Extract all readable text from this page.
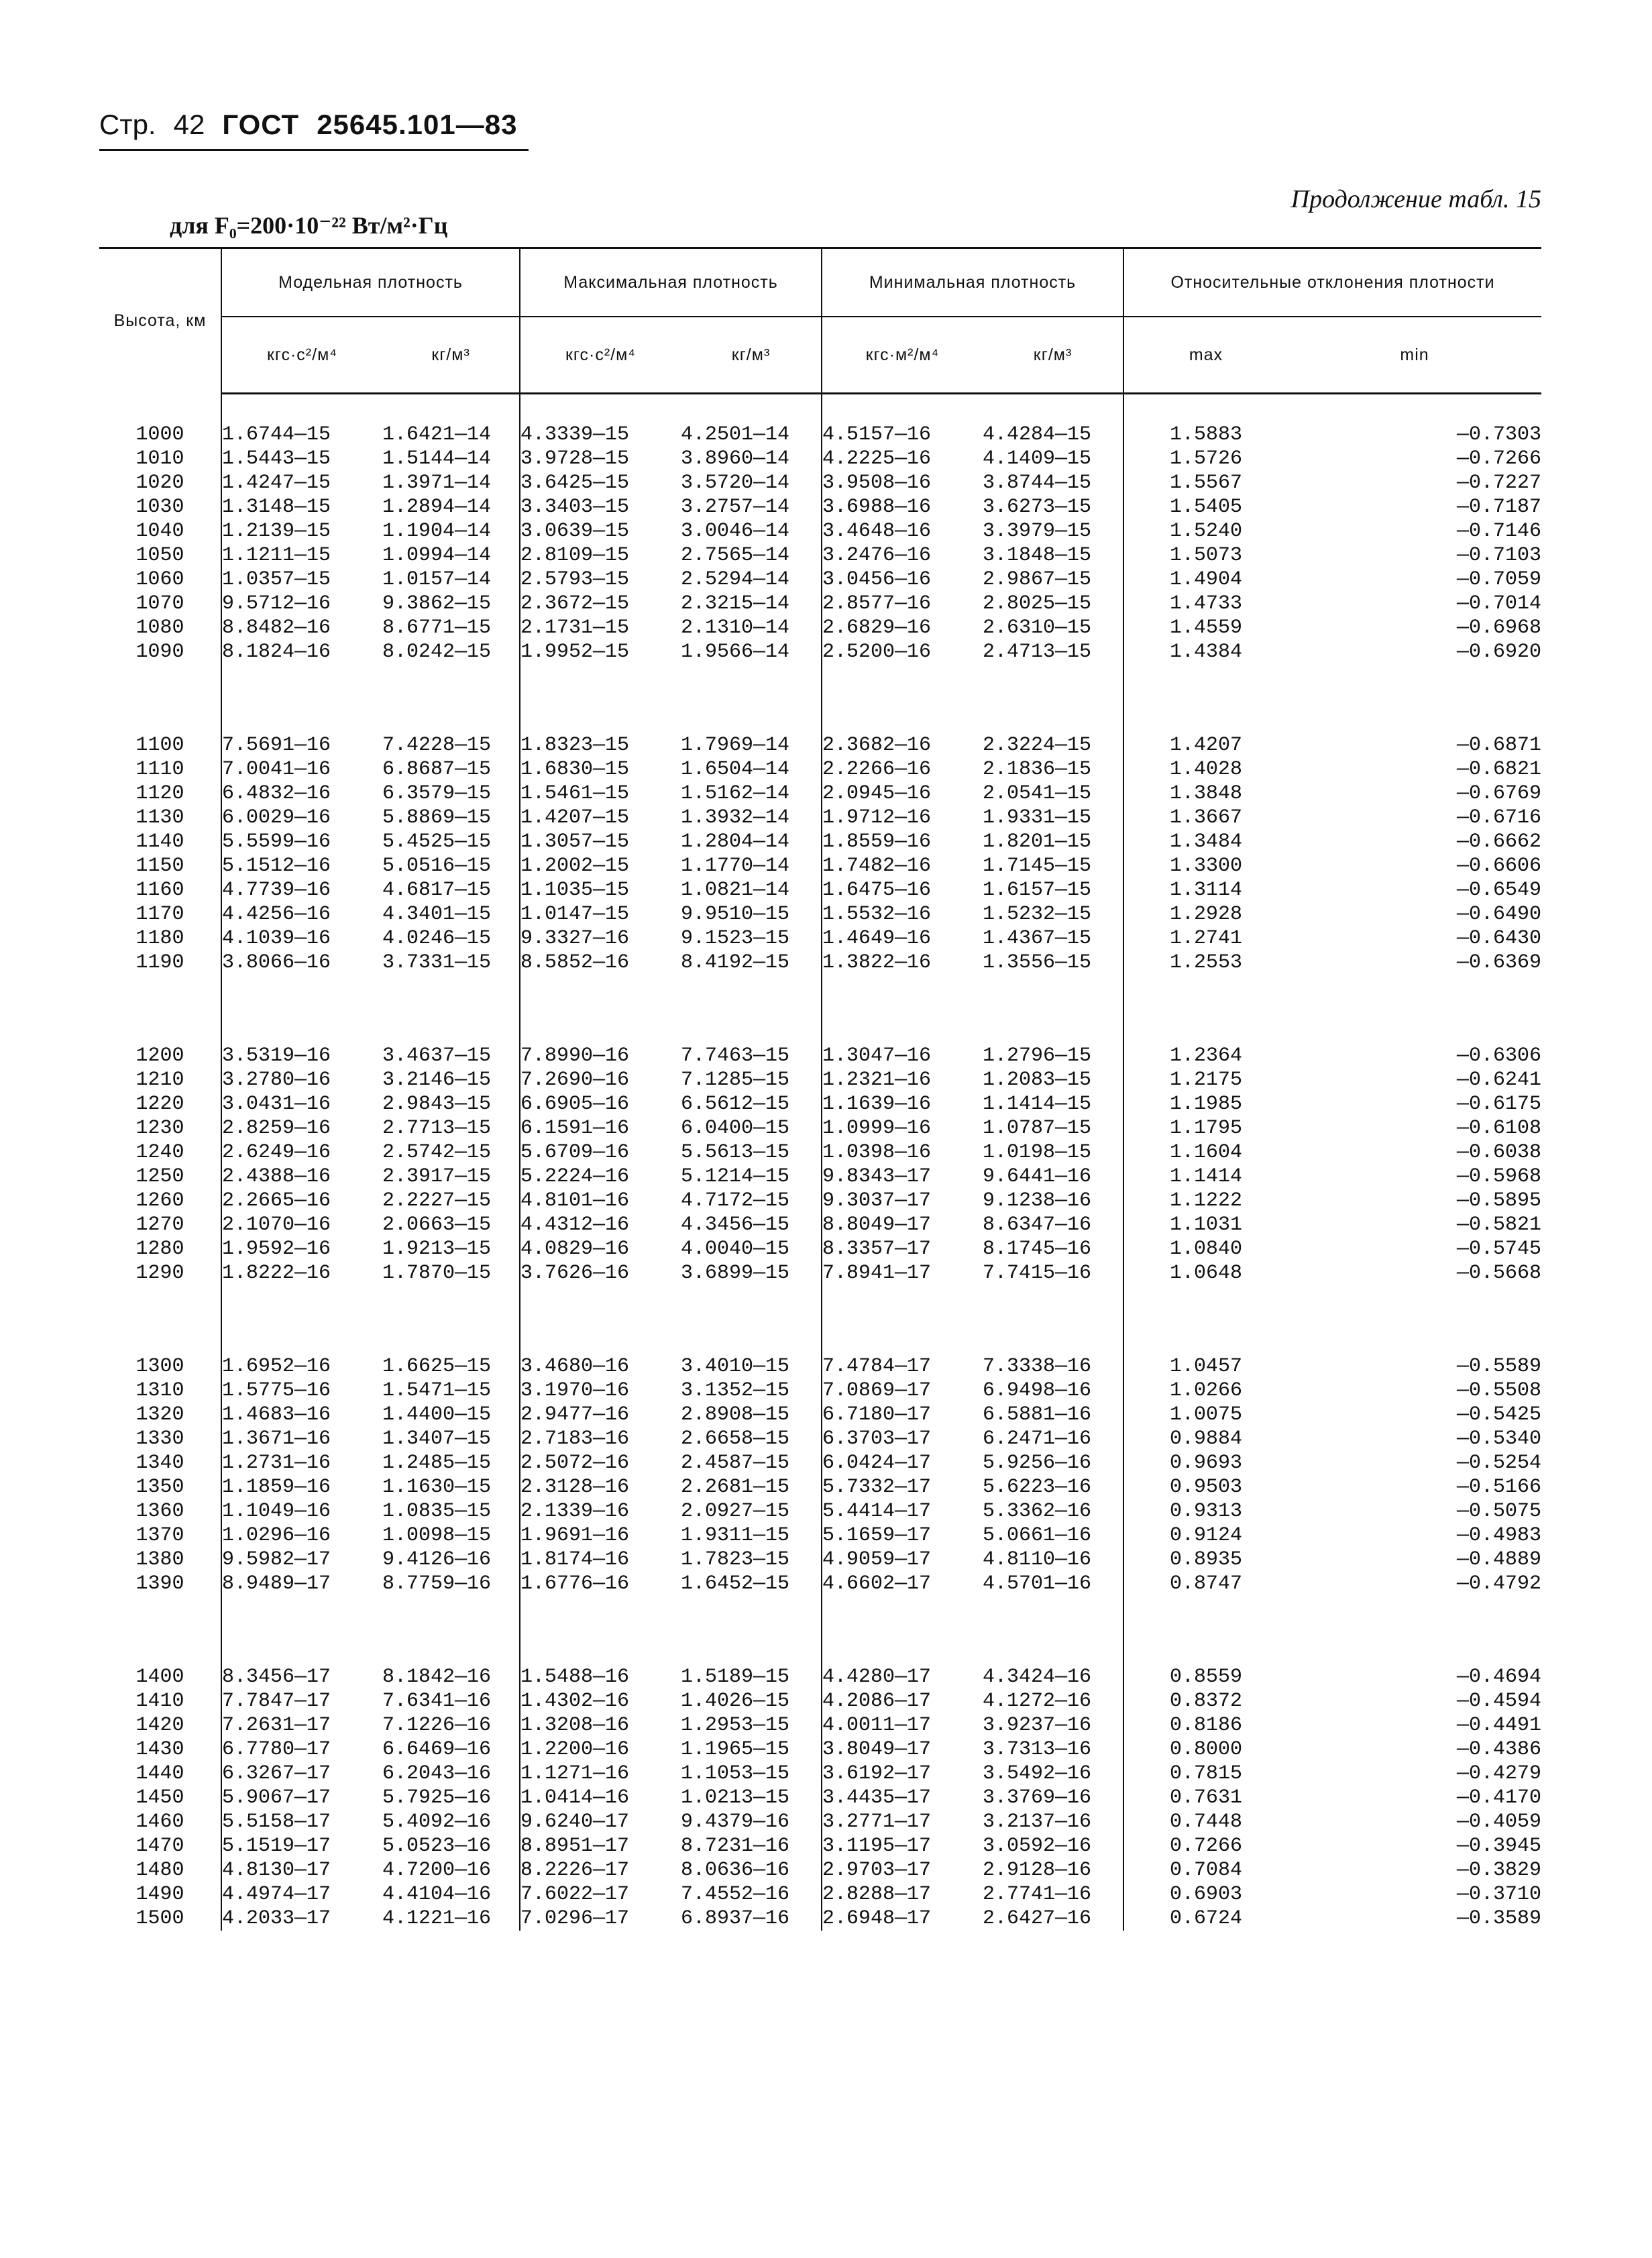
Стр. 42 ГОСТ 25645.101—83
Продолжение табл. 15
для F₀=200·10⁻²² Вт/м²·Гц
Высота, км	Модельная плотность		Максимальная плотность		Минимальная плотность		Относительные отклонения плотности	
	кгс·с²/м⁴	кг/м³	кгс·с²/м⁴	кг/м³	кгс·м²/м⁴	кг/м³	max	min

1000	1.6744—15	1.6421—14	4.3339—15	4.2501—14	4.5157—16	4.4284—15	1.5883	—0.7303
1010	1.5443—15	1.5144—14	3.9728—15	3.8960—14	4.2225—16	4.1409—15	1.5726	—0.7266
1020	1.4247—15	1.3971—14	3.6425—15	3.5720—14	3.9508—16	3.8744—15	1.5567	—0.7227
1030	1.3148—15	1.2894—14	3.3403—15	3.2757—14	3.6988—16	3.6273—15	1.5405	—0.7187
1040	1.2139—15	1.1904—14	3.0639—15	3.0046—14	3.4648—16	3.3979—15	1.5240	—0.7146
1050	1.1211—15	1.0994—14	2.8109—15	2.7565—14	3.2476—16	3.1848—15	1.5073	—0.7103
1060	1.0357—15	1.0157—14	2.5793—15	2.5294—14	3.0456—16	2.9867—15	1.4904	—0.7059
1070	9.5712—16	9.3862—15	2.3672—15	2.3215—14	2.8577—16	2.8025—15	1.4733	—0.7014
1080	8.8482—16	8.6771—15	2.1731—15	2.1310—14	2.6829—16	2.6310—15	1.4559	—0.6968
1090	8.1824—16	8.0242—15	1.9952—15	1.9566—14	2.5200—16	2.4713—15	1.4384	—0.6920

1100	7.5691—16	7.4228—15	1.8323—15	1.7969—14	2.3682—16	2.3224—15	1.4207	—0.6871
1110	7.0041—16	6.8687—15	1.6830—15	1.6504—14	2.2266—16	2.1836—15	1.4028	—0.6821
1120	6.4832—16	6.3579—15	1.5461—15	1.5162—14	2.0945—16	2.0541—15	1.3848	—0.6769
1130	6.0029—16	5.8869—15	1.4207—15	1.3932—14	1.9712—16	1.9331—15	1.3667	—0.6716
1140	5.5599—16	5.4525—15	1.3057—15	1.2804—14	1.8559—16	1.8201—15	1.3484	—0.6662
1150	5.1512—16	5.0516—15	1.2002—15	1.1770—14	1.7482—16	1.7145—15	1.3300	—0.6606
1160	4.7739—16	4.6817—15	1.1035—15	1.0821—14	1.6475—16	1.6157—15	1.3114	—0.6549
1170	4.4256—16	4.3401—15	1.0147—15	9.9510—15	1.5532—16	1.5232—15	1.2928	—0.6490
1180	4.1039—16	4.0246—15	9.3327—16	9.1523—15	1.4649—16	1.4367—15	1.2741	—0.6430
1190	3.8066—16	3.7331—15	8.5852—16	8.4192—15	1.3822—16	1.3556—15	1.2553	—0.6369

1200	3.5319—16	3.4637—15	7.8990—16	7.7463—15	1.3047—16	1.2796—15	1.2364	—0.6306
1210	3.2780—16	3.2146—15	7.2690—16	7.1285—15	1.2321—16	1.2083—15	1.2175	—0.6241
1220	3.0431—16	2.9843—15	6.6905—16	6.5612—15	1.1639—16	1.1414—15	1.1985	—0.6175
1230	2.8259—16	2.7713—15	6.1591—16	6.0400—15	1.0999—16	1.0787—15	1.1795	—0.6108
1240	2.6249—16	2.5742—15	5.6709—16	5.5613—15	1.0398—16	1.0198—15	1.1604	—0.6038
1250	2.4388—16	2.3917—15	5.2224—16	5.1214—15	9.8343—17	9.6441—16	1.1414	—0.5968
1260	2.2665—16	2.2227—15	4.8101—16	4.7172—15	9.3037—17	9.1238—16	1.1222	—0.5895
1270	2.1070—16	2.0663—15	4.4312—16	4.3456—15	8.8049—17	8.6347—16	1.1031	—0.5821
1280	1.9592—16	1.9213—15	4.0829—16	4.0040—15	8.3357—17	8.1745—16	1.0840	—0.5745
1290	1.8222—16	1.7870—15	3.7626—16	3.6899—15	7.8941—17	7.7415—16	1.0648	—0.5668

1300	1.6952—16	1.6625—15	3.4680—16	3.4010—15	7.4784—17	7.3338—16	1.0457	—0.5589
1310	1.5775—16	1.5471—15	3.1970—16	3.1352—15	7.0869—17	6.9498—16	1.0266	—0.5508
1320	1.4683—16	1.4400—15	2.9477—16	2.8908—15	6.7180—17	6.5881—16	1.0075	—0.5425
1330	1.3671—16	1.3407—15	2.7183—16	2.6658—15	6.3703—17	6.2471—16	0.9884	—0.5340
1340	1.2731—16	1.2485—15	2.5072—16	2.4587—15	6.0424—17	5.9256—16	0.9693	—0.5254
1350	1.1859—16	1.1630—15	2.3128—16	2.2681—15	5.7332—17	5.6223—16	0.9503	—0.5166
1360	1.1049—16	1.0835—15	2.1339—16	2.0927—15	5.4414—17	5.3362—16	0.9313	—0.5075
1370	1.0296—16	1.0098—15	1.9691—16	1.9311—15	5.1659—17	5.0661—16	0.9124	—0.4983
1380	9.5982—17	9.4126—16	1.8174—16	1.7823—15	4.9059—17	4.8110—16	0.8935	—0.4889
1390	8.9489—17	8.7759—16	1.6776—16	1.6452—15	4.6602—17	4.5701—16	0.8747	—0.4792

1400	8.3456—17	8.1842—16	1.5488—16	1.5189—15	4.4280—17	4.3424—16	0.8559	—0.4694
1410	7.7847—17	7.6341—16	1.4302—16	1.4026—15	4.2086—17	4.1272—16	0.8372	—0.4594
1420	7.2631—17	7.1226—16	1.3208—16	1.2953—15	4.0011—17	3.9237—16	0.8186	—0.4491
1430	6.7780—17	6.6469—16	1.2200—16	1.1965—15	3.8049—17	3.7313—16	0.8000	—0.4386
1440	6.3267—17	6.2043—16	1.1271—16	1.1053—15	3.6192—17	3.5492—16	0.7815	—0.4279
1450	5.9067—17	5.7925—16	1.0414—16	1.0213—15	3.4435—17	3.3769—16	0.7631	—0.4170
1460	5.5158—17	5.4092—16	9.6240—17	9.4379—16	3.2771—17	3.2137—16	0.7448	—0.4059
1470	5.1519—17	5.0523—16	8.8951—17	8.7231—16	3.1195—17	3.0592—16	0.7266	—0.3945
1480	4.8130—17	4.7200—16	8.2226—17	8.0636—16	2.9703—17	2.9128—16	0.7084	—0.3829
1490	4.4974—17	4.4104—16	7.6022—17	7.4552—16	2.8288—17	2.7741—16	0.6903	—0.3710
1500	4.2033—17	4.1221—16	7.0296—17	6.8937—16	2.6948—17	2.6427—16	0.6724	—0.3589
